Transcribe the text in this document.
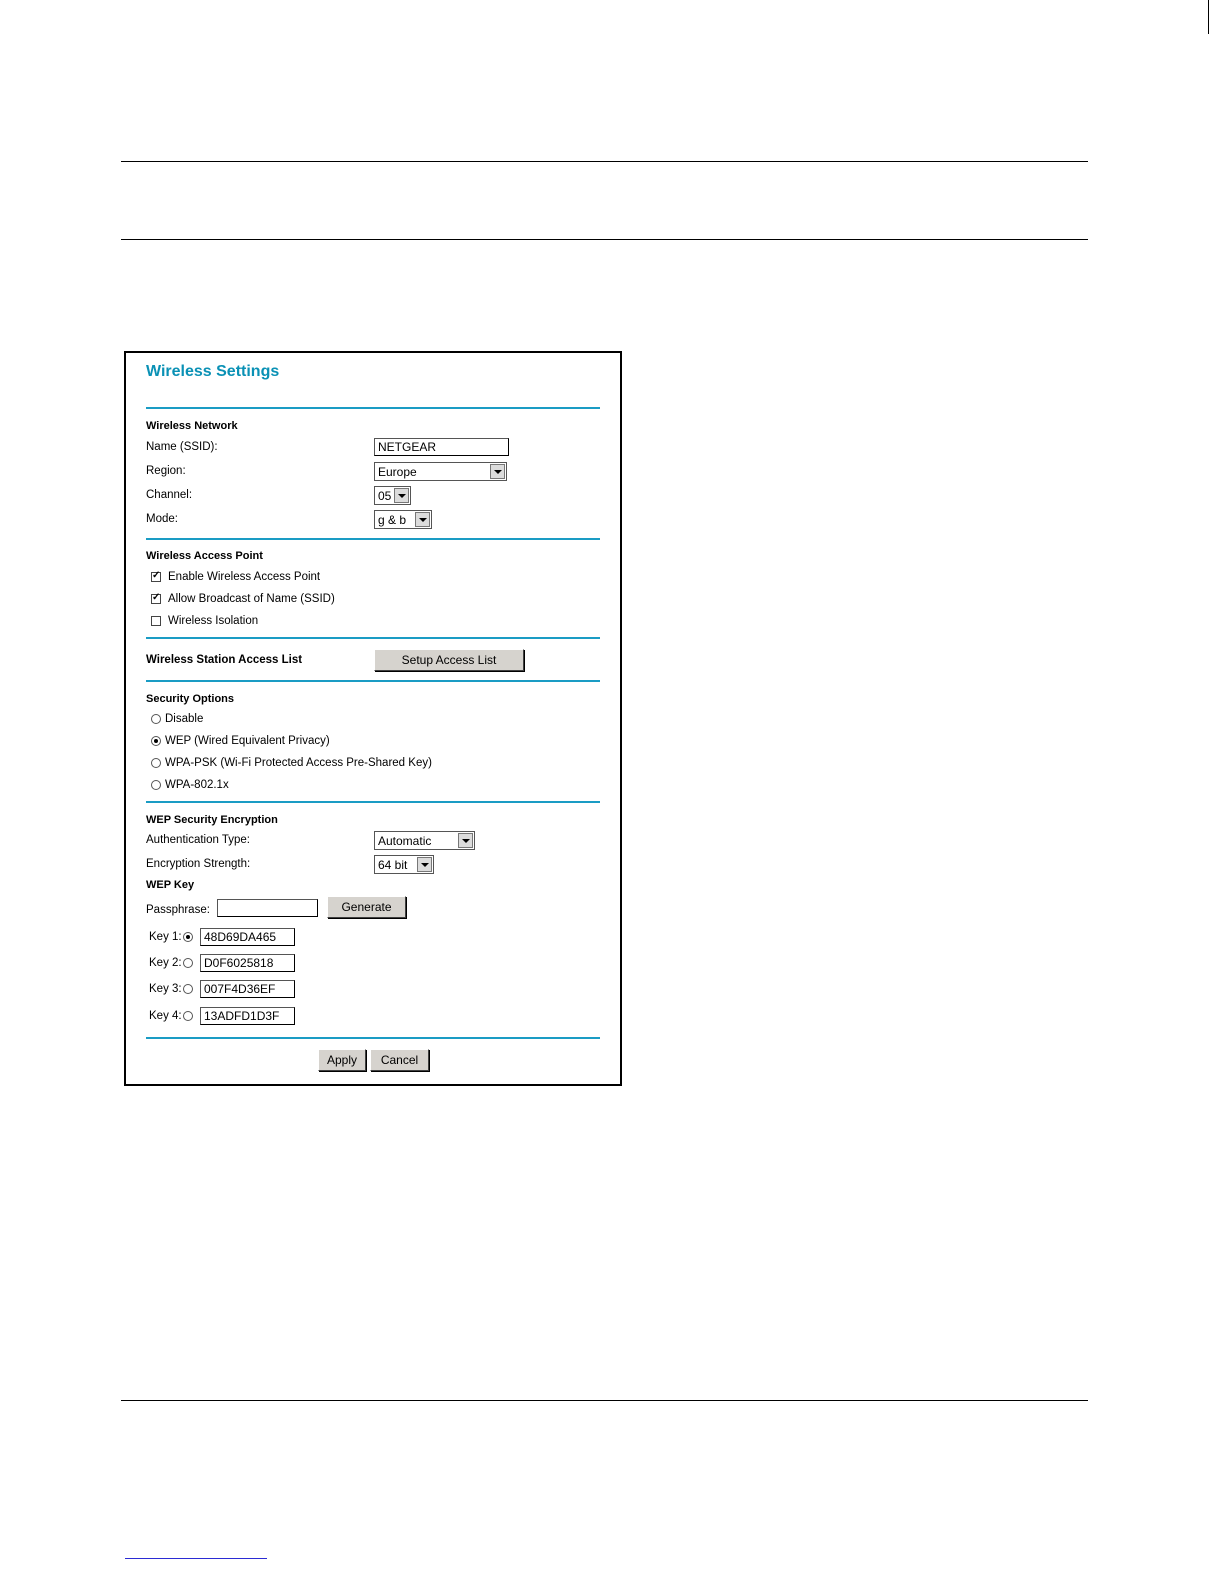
Wireless Settings
Wireless Network
Name (SSID):
NETGEAR
Region:	Europe
Channel:	05
Mode:	g & b
Wireless Access Point
✓
Enable Wireless Access Point
✓
Allow Broadcast of Name (SSID)
Wireless Isolation
Wireless Station Access List	Setup Access List
Security Options
Disable
WEP (Wired Equivalent Privacy)
WPA-PSK (Wi-Fi Protected Access Pre-Shared Key)
WPA-802.1x
WEP Security Encryption
Authentication Type:	Automatic
Encryption Strength:	64 bit
WEP Key
Passphrase:	Generate
Key 1:
48D69DA465
Key 2:
D0F6025818
Key 3:
007F4D36EF
Key 4:
13ADFD1D3F
Apply	Cancel
